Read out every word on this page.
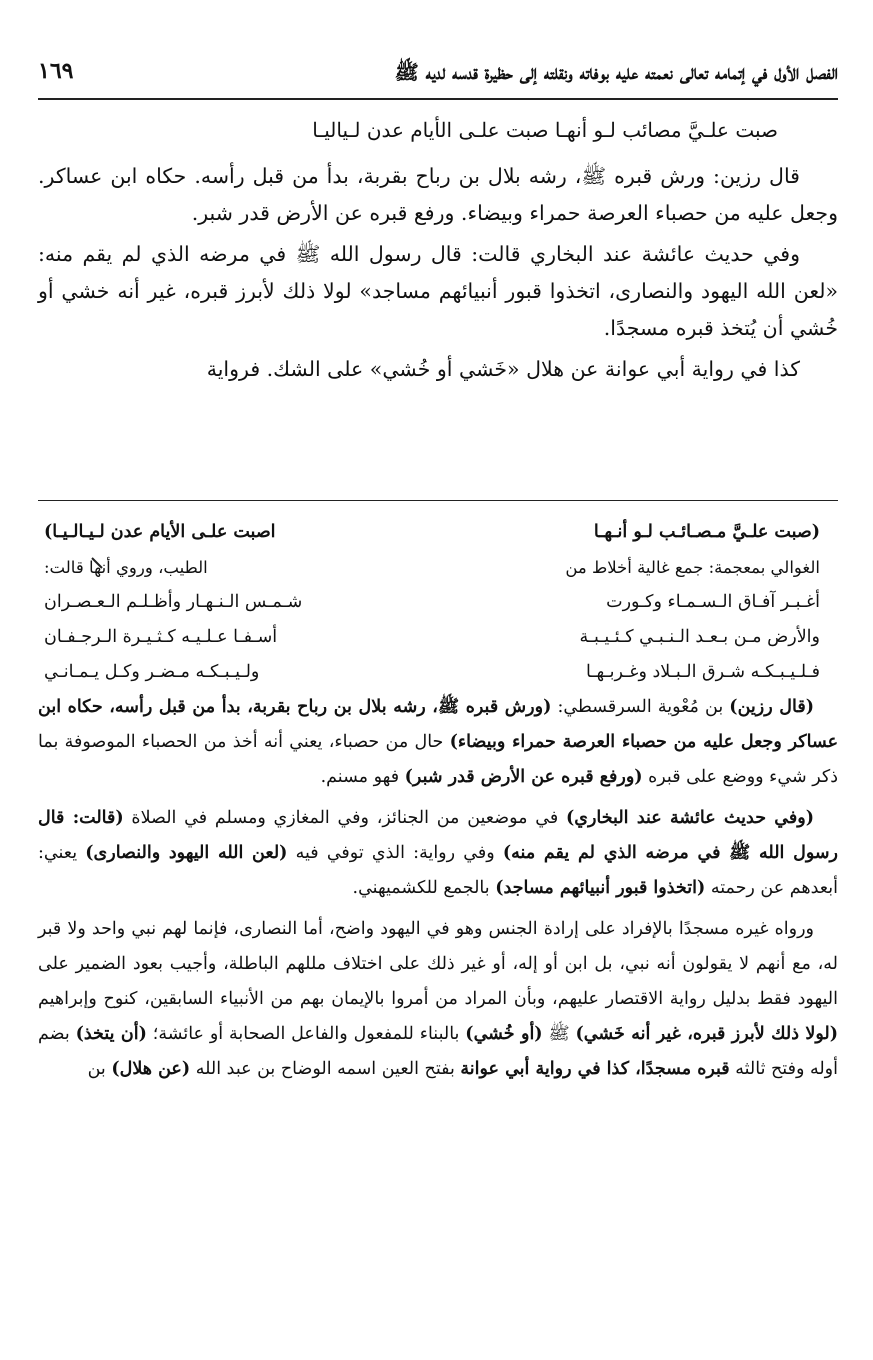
الفصل الأول في إتمامه تعالى نعمته عليه بوفاته ونقلته إلى حظيرة قدسه لديه ﷺ
١٦٩
صبت علـيَّ مصائب لـو أنهـا صبت علـى الأيام عدن لـياليـا

قال رزين: ورش قبره ﷺ، رشه بلال بن رباح بقربة، بدأ من قبل رأسه. حكاه ابن عساكر. وجعل عليه من حصباء العرصة حمراء وبيضاء. ورفع قبره عن الأرض قدر شبر.

وفي حديث عائشة عند البخاري قالت: قال رسول الله ﷺ في مرضه الذي لم يقم منه: «لعن الله اليهود والنصارى، اتخذوا قبور أنبيائهم مساجد» لولا ذلك لأبرز قبره، غير أنه خشي أو خُشي أن يُتخذ قبره مسجدًا.

كذا في رواية أبي عوانة عن هلال «خَشي أو خُشي» على الشك. فرواية

(صبت علـيَّ مـصـائـب لـو أنـهـا
اصبت علـى الأيام عدن لـيـالـيـا)
الغوالي بمعجمة: جمع غالية أخلاط من
الطيب، وروي أنها قالت:
أغـبـر آفـاق الـسـمـاء وكـورت
شـمـس الـنـهـار وأظـلـم الـعـصـران
والأرض مـن بـعـد الـنـبـي كـئـيـبـة
أسـفـا عـلـيـه كـثـيـرة الـرجـفـان
فـلـيـبـكـه شـرق الـبـلاد وغـربـهـا
ولـيـبـكـه مـضـر وكـل يـمـانـي

(قال رزين) بن مُعْوية السرقسطي: (ورش قبره ﷺ، رشه بلال بن رباح بقربة، بدأ من قبل رأسه، حكاه ابن عساكر وجعل عليه من حصباء العرصة حمراء وبيضاء) حال من حصباء، يعني أنه أخذ من الحصباء الموصوفة بما ذكر شيء ووضع على قبره (ورفع قبره عن الأرض قدر شبر) فهو مسنم.

(وفي حديث عائشة عند البخاري) في موضعين من الجنائز، وفي المغازي ومسلم في الصلاة (قالت: قال رسول الله ﷺ في مرضه الذي لم يقم منه) وفي رواية: الذي توفي فيه (لعن الله اليهود والنصارى) يعني: أبعدهم عن رحمته (اتخذوا قبور أنبيائهم مساجد) بالجمع للكشميهني.

ورواه غيره مسجدًا بالإفراد على إرادة الجنس وهو في اليهود واضح، أما النصارى، فإنما لهم نبي واحد ولا قبر له، مع أنهم لا يقولون أنه نبي، بل ابن أو إله، أو غير ذلك على اختلاف مللهم الباطلة، وأجيب بعود الضمير على اليهود فقط بدليل رواية الاقتصار عليهم، وبأن المراد من أمروا بالإيمان بهم من الأنبياء السابقين، كنوح وإبراهيم (لولا ذلك لأبرز قبره، غير أنه خَشي) ﷺ (أو خُشي) بالبناء للمفعول والفاعل الصحابة أو عائشة؛ (أن يتخذ) بضم أوله وفتح ثالثه قبره مسجدًا، كذا في رواية أبي عوانة بفتح العين اسمه الوضاح بن عبد الله (عن هلال) بن
